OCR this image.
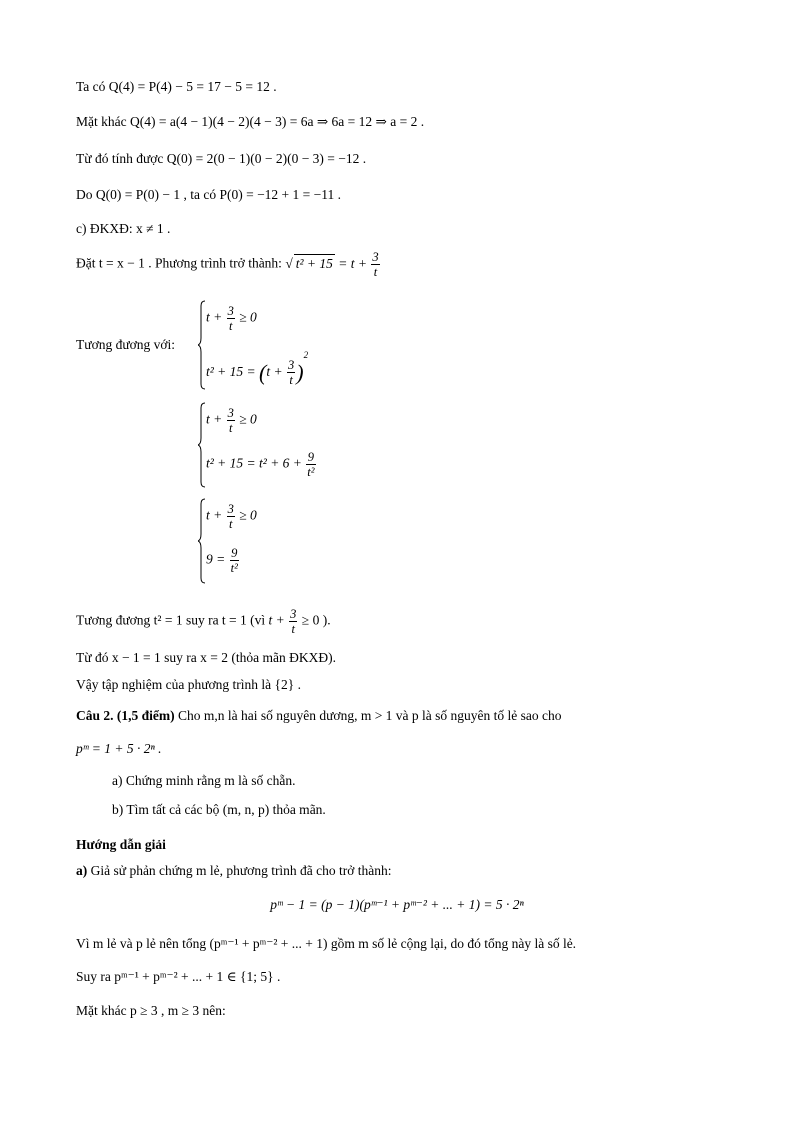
Ta có Q(4) = P(4) − 5 = 17 − 5 = 12 .
Mặt khác Q(4) = a(4 − 1)(4 − 2)(4 − 3) = 6a ⇒ 6a = 12 ⇒ a = 2 .
Từ đó tính được Q(0) = 2(0 − 1)(0 − 2)(0 − 3) = −12 .
Do Q(0) = P(0) − 1 , ta có P(0) = −12 + 1 = −11 .
c) ĐKXĐ: x ≠ 1 .
Đặt t = x − 1 . Phương trình trở thành: √ $t^2 + 15 = t + \frac{3}{t}$
Tương đương với:
$t + \frac{3}{t} \ge 0$
$t^2 + 15 = (t + \frac{3}{t} )^2$
$t + \frac{3}{t} \ge 0$
$t^2 + 15 = t^2 + 6 + \frac{9}{\text{t²}}$
$t + \frac{3}{t} \ge 0$
$9 = \frac{9}{\text{t²}}$
Tương đương t² = 1 suy ra t = 1 (vì $t + \frac{3}{t} \ge 0$ ).
Từ đó x − 1 = 1 suy ra x = 2 (thỏa mãn ĐKXĐ).
Vậy tập nghiệm của phương trình là {2} .
Câu 2. (1,5 điểm) Cho m,n là hai số nguyên dương, m > 1 và p là số nguyên tố lẻ sao cho
pᵐ = 1 + 5 · 2ⁿ .
a) Chứng minh rằng m là số chẵn.
b) Tìm tất cả các bộ (m, n, p) thỏa mãn.
Hướng dẫn giải
a) Giả sử phản chứng m lẻ, phương trình đã cho trở thành:
pᵐ − 1 = (p − 1)(pᵐ⁻¹ + pᵐ⁻² + ... + 1) = 5 · 2ⁿ
Vì m lẻ và p lẻ nên tổng (pᵐ⁻¹ + pᵐ⁻² + ... + 1) gồm m số lẻ cộng lại, do đó tổng này là số lẻ.
Suy ra pᵐ⁻¹ + pᵐ⁻² + ... + 1 ∈ {1; 5} .
Mặt khác p ≥ 3 , m ≥ 3 nên:
